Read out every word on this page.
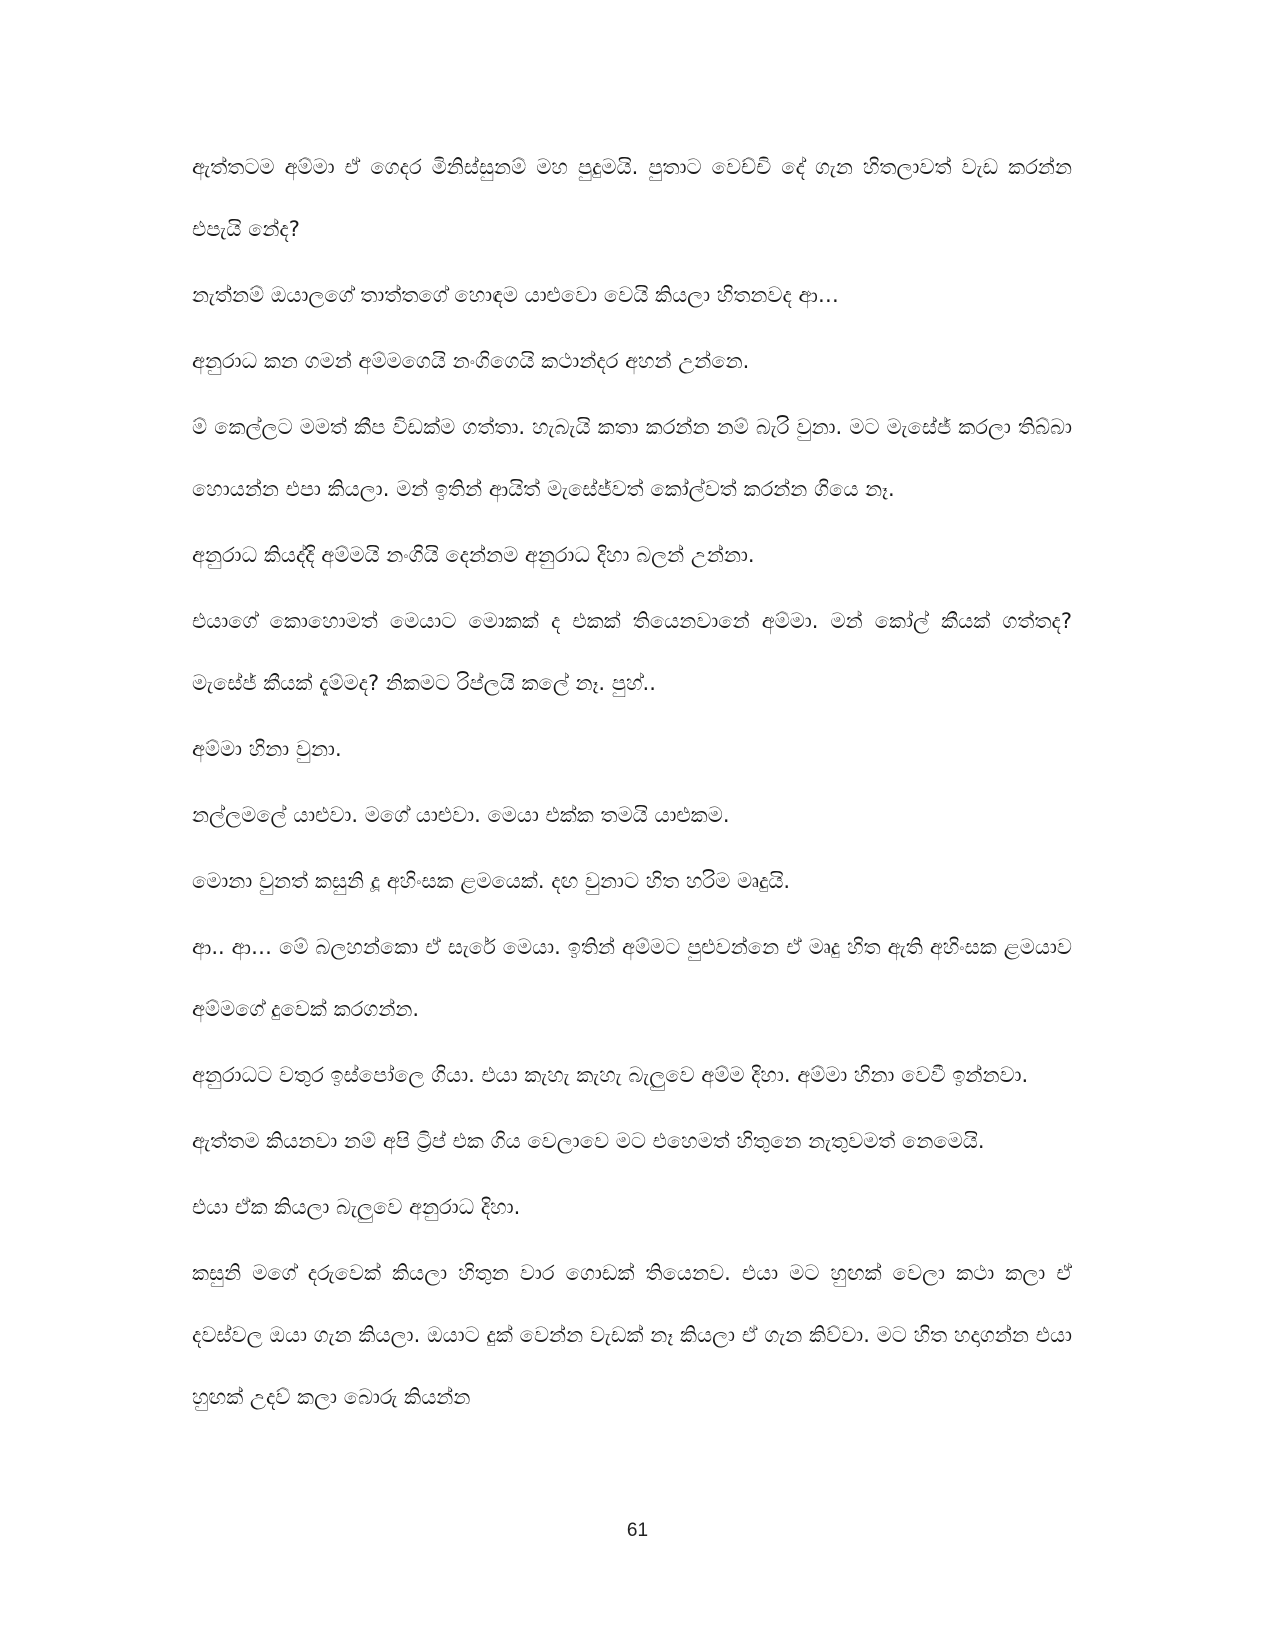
ඇත්තටම අම්මා ඒ ගෙදර මිනිස්සුනම් මහ පුදුමයි. පුතාට වෙච්චි දේ ගැන හිතලාවත් වැඩ කරන්න එපැයි නේද?

නැත්නම් ඔයාලගේ තාත්තගේ හොඳම යාළුවො වෙයි කියලා හිතනවද ආ…

අනුරාධ කන ගමන් අම්මගෙයි නංගිගෙයි කථාන්දර අහන් උන්නෙ.

ම් කෙල්ලට මමත් කීප විඩක්ම ගත්තා. හැබැයි කතා කරන්න නම් බැරි වුනා. මට මැසේජ් කරලා තිබ්බා හොයන්න එපා කියලා. මන් ඉතින් ආයිත් මැසේජ්වත් කෝල්වත් කරන්න ගියෙ නෑ.

අනුරාධ කියද්දි අම්මයි නංගියි දෙන්නම අනුරාධ දිහා බලන් උන්නා.

එයාගේ කොහොමත් මෙයාට මොකක් ද එකක් තියෙනවානේ අම්මා. මන් කෝල් කීයක් ගත්තද? මැසේජ් කීයක් දැම්මද? නිකමට රිප්ලයි කලේ නෑ. පුහ්..

අම්මා හිනා වුනා.

නල්ලමලේ යාළුවා. මගේ යාළුවා. මෙයා එක්ක තමයි යාළුකම.

මොනා වුනත් කසුනි දූ අහිංසක ළමයෙක්. දඟ වුනාට හිත හරිම මෘදුයි.

ආ.. ආ… මේ බලහන්කො ඒ සැරේ මෙයා. ඉතින් අම්මට පුළුවන්නෙ ඒ මෘදු හිත ඇති අහිංසක ළමයාව අම්මගේ දුවෙක් කරගන්න.

අනුරාධට වතුර ඉස්පෝලෙ ගියා. එයා කැහැ කැහැ බැලුවෙ අම්ම දිහා. අම්මා හිනා වෙවී ඉන්නවා.

ඇත්තම කියනවා නම් අපි ට්‍රිප් එක ගිය වෙලාවෙ මට එහෙමත් හිතුනෙ නැතුවමත් නෙමෙයි.

එයා ඒක කියලා බැලුවෙ අනුරාධ දිහා.

කසුනි මගේ දරුවෙක් කියලා හිතුන වාර ගොඩක් තියෙනව. එයා මට හුඟක් වෙලා කථා කලා ඒ දවස්වල ඔයා ගැන කියලා. ඔයාට දුක් වෙන්න වැඩක් නෑ කියලා ඒ ගැන කිව්වා. මට හිත හදාගන්න එයා හුඟක් උදව් කලා බොරු කියන්න

61
